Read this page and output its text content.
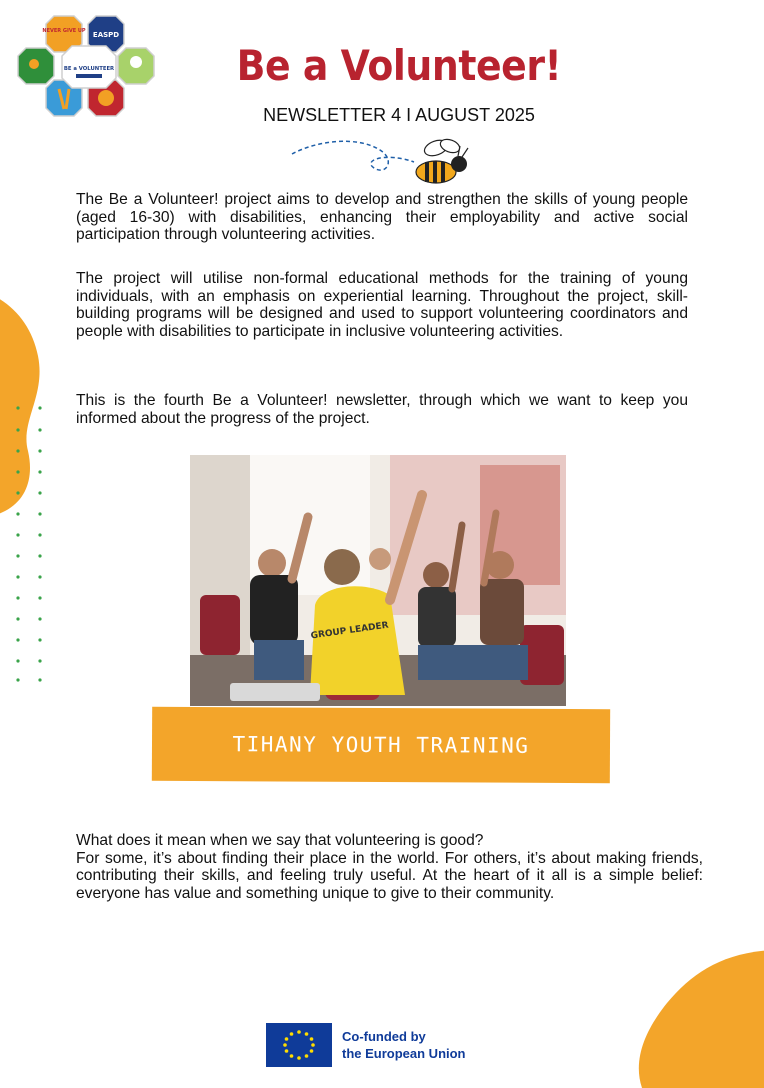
NEVER GIVE UP EASPD
BE a VOLUNTEER	Be a Volunteer!
NEWSLETTER 4 I AUGUST 2025

The Be a Volunteer! project aims to develop and strengthen the skills of young people (aged 16-30) with disabilities, enhancing their employability and active social participation through volunteering activities.

The project will utilise non-formal educational methods for the training of young individuals, with an emphasis on experiential learning. Throughout the project, skill-building programs will be designed and used to support volunteering coordinators and people with disabilities to participate in inclusive volunteering activities.

This is the fourth Be a Volunteer! newsletter, through which we want to keep you informed about the progress of the project.

GROUP LEADER
TIHANY YOUTH TRAINING
What does it mean when we say that volunteering is good?
For some, it’s about finding their place in the world. For others, it’s about making friends, contributing their skills, and feeling truly useful. At the heart of it all is a simple belief: everyone has value and something unique to give to their community.
Co-funded by
the European Union
